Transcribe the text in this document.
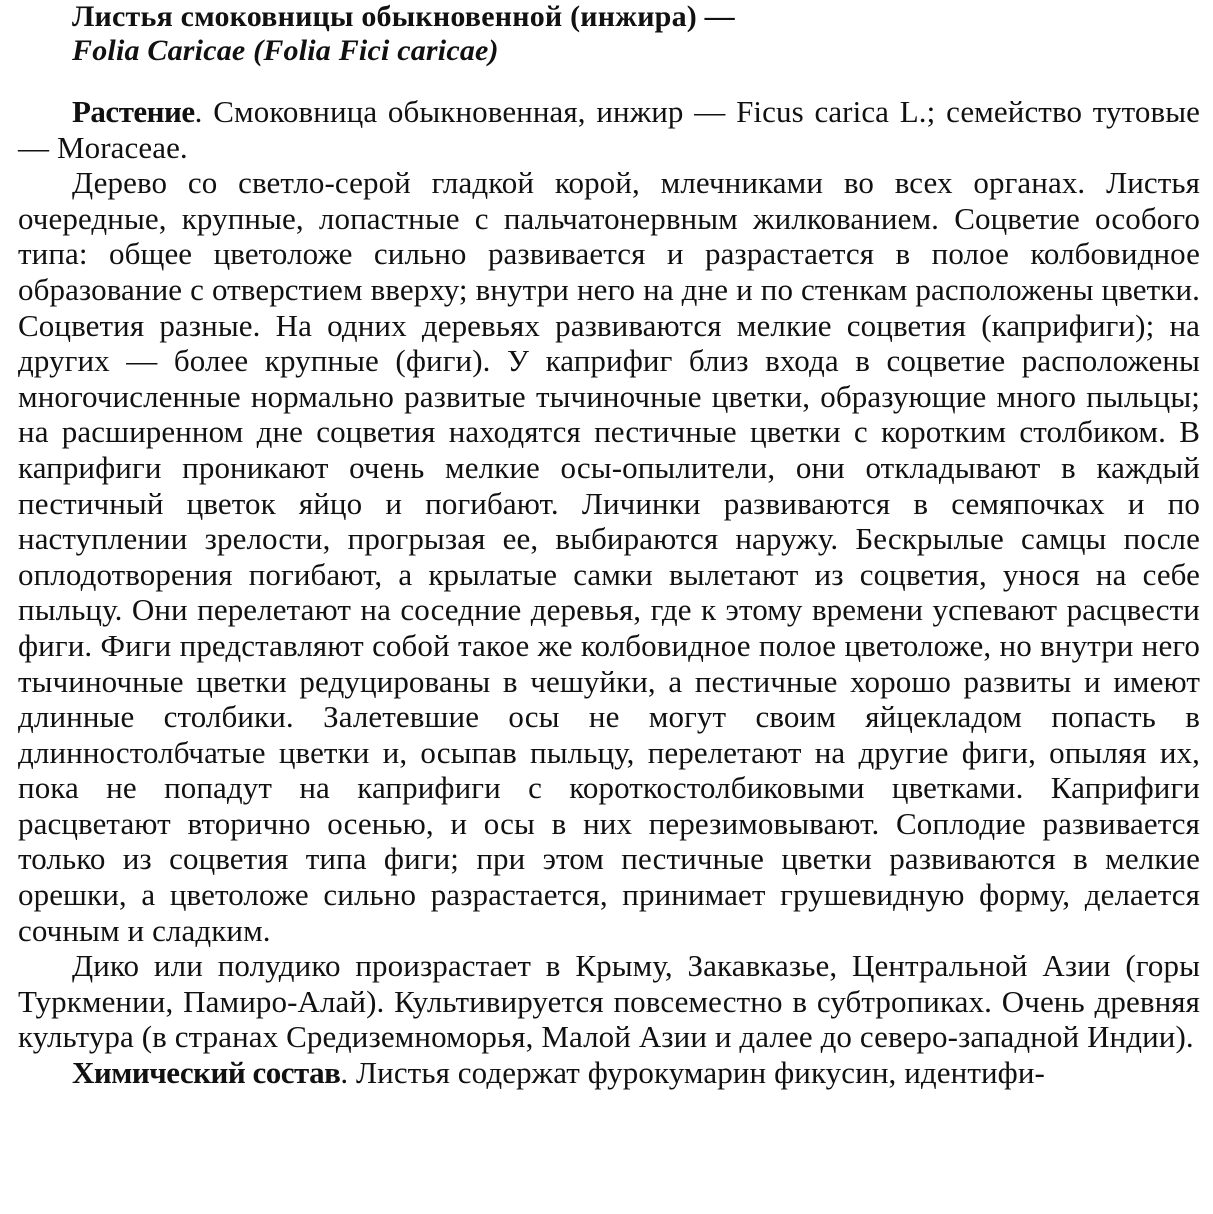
Листья смоковницы обыкновенной (инжира) —
Folia Caricae (Folia Fici caricae)

Растение. Смоковница обыкновенная, инжир — Ficus carica L.; семейство тутовые — Moraceae.

Дерево со светло-серой гладкой корой, млечниками во всех органах. Листья очередные, крупные, лопастные с пальчатонервным жилкованием. Соцветие особого типа: общее цветоложе сильно развивается и разрастается в полое колбовидное образование с отверстием вверху; внутри него на дне и по стенкам расположены цветки. Соцветия разные. На одних деревьях развиваются мелкие соцветия (каприфиги); на других — более крупные (фиги). У каприфиг близ входа в соцветие расположены многочисленные нормально развитые тычиночные цветки, образующие много пыльцы; на расширенном дне соцветия находятся пестичные цветки с коротким столбиком. В каприфиги проникают очень мелкие осы-опылители, они откладывают в каждый пестичный цветок яйцо и погибают. Личинки развиваются в семяпочках и по наступлении зрелости, прогрызая ее, выбираются наружу. Бескрылые самцы после оплодотворения погибают, а крылатые самки вылетают из соцветия, унося на себе пыльцу. Они перелетают на соседние деревья, где к этому времени успевают расцвести фиги. Фиги представляют собой такое же колбовидное полое цветоложе, но внутри него тычиночные цветки редуцированы в чешуйки, а пестичные хорошо развиты и имеют длинные столбики. Залетевшие осы не могут своим яйцекладом попасть в длинностолбчатые цветки и, осыпав пыльцу, перелетают на другие фиги, опыляя их, пока не попадут на каприфиги с короткостолбиковыми цветками. Каприфиги расцветают вторично осенью, и осы в них перезимовывают. Соплодие развивается только из соцветия типа фиги; при этом пестичные цветки развиваются в мелкие орешки, а цветоложе сильно разрастается, принимает грушевидную форму, делается сочным и сладким.

Дико или полудико произрастает в Крыму, Закавказье, Центральной Азии (горы Туркмении, Памиро-Алай). Культивируется повсеместно в субтропиках. Очень древняя культура (в странах Средиземноморья, Малой Азии и далее до северо-западной Индии).

Химический состав. Листья содержат фурокумарин фикусин, идентифи-
